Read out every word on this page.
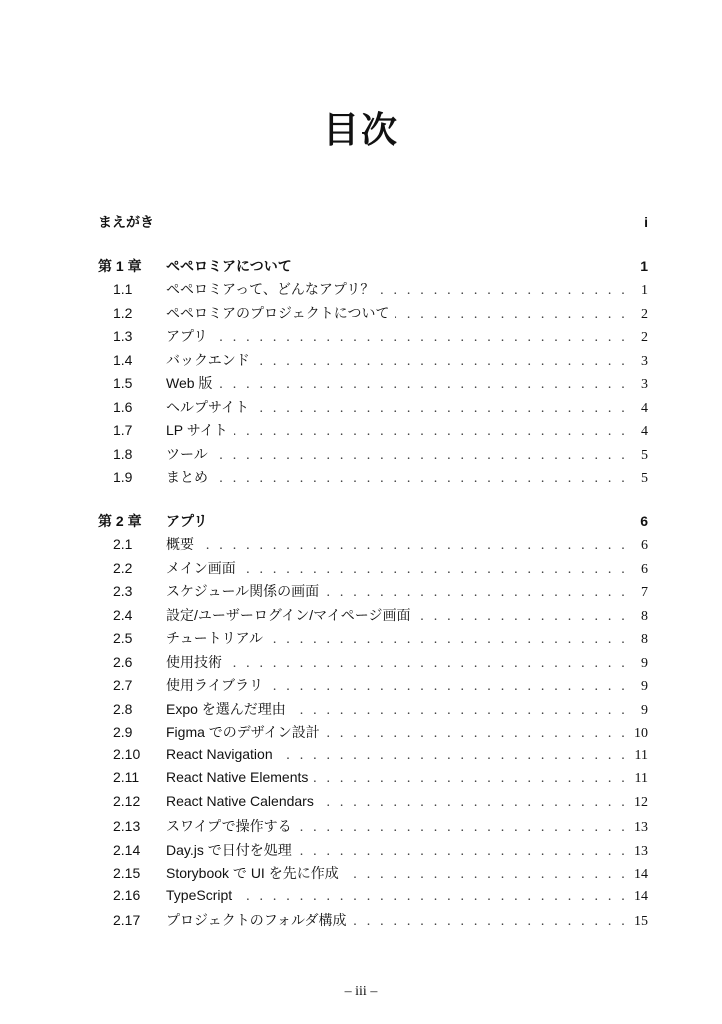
目次
まえがき	i
第 1 章	ペペロミアについて	1
1.1	ペペロミアって、どんなアプリ？ . . .	1
1.2	ペペロミアのプロジェクトについて . . .	2
1.3	アプリ . . .	2
1.4	バックエンド . . .	3
1.5	Web 版 . . .	3
1.6	ヘルプサイト . . .	4
1.7	LP サイト . . .	4
1.8	ツール . . .	5
1.9	まとめ . . .	5
第 2 章	アプリ	6
2.1	概要 . . .	6
2.2	メイン画面 . . .	6
2.3	スケジュール関係の画面 . . .	7
2.4	設定/ユーザーログイン/マイページ画面 . . .	8
2.5	チュートリアル . . .	8
2.6	使用技術 . . .	9
2.7	使用ライブラリ . . .	9
2.8	Expo を選んだ理由 . . .	9
2.9	Figma でのデザイン設計 . . .	10
2.10	React Navigation . . .	11
2.11	React Native Elements . . .	11
2.12	React Native Calendars . . .	12
2.13	スワイプで操作する . . .	13
2.14	Day.js で日付を処理 . . .	13
2.15	Storybook で UI を先に作成 . . .	14
2.16	TypeScript . . .	14
2.17	プロジェクトのフォルダ構成 . . .	15
– iii –
